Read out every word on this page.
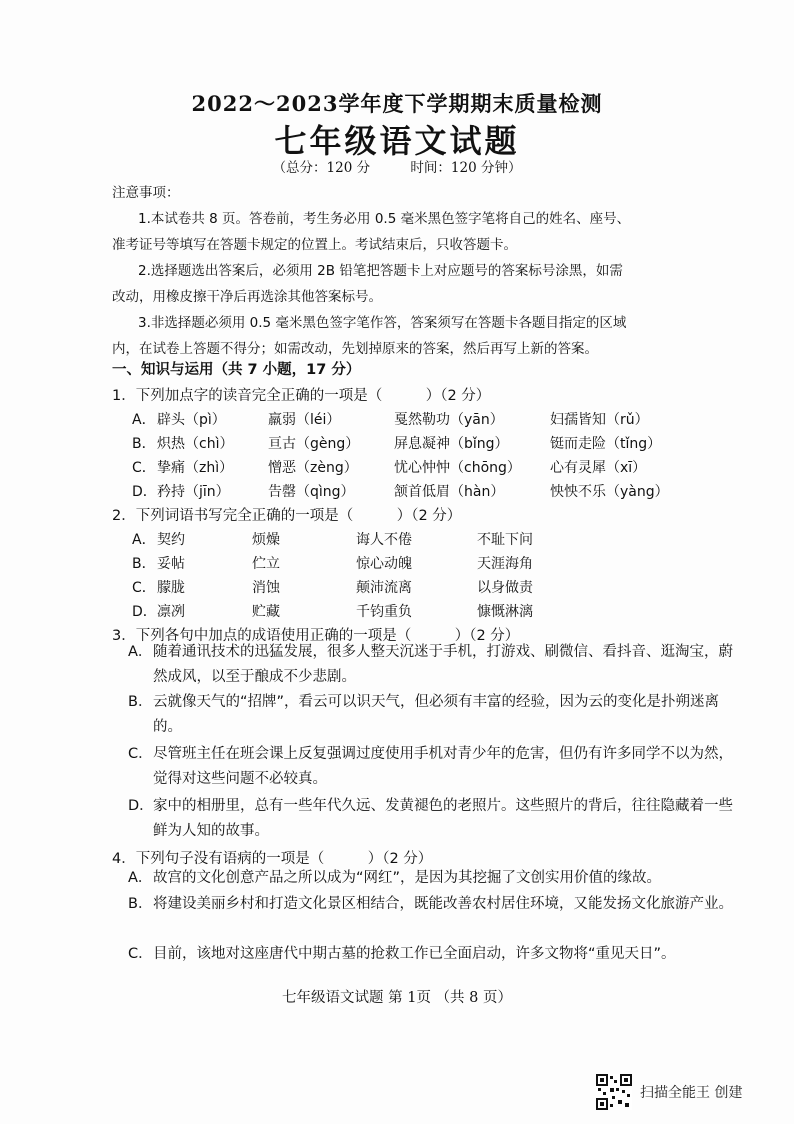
2022～2023学年度下学期期末质量检测
七年级语文试题
（总分：120 分	时间：120 分钟）
注意事项：
1.本试卷共 8 页。答卷前，考生务必用 0.5 毫米黑色签字笔将自己的姓名、座号、
准考证号等填写在答题卡规定的位置上。考试结束后，只收答题卡。
2.选择题选出答案后，必须用 2B 铅笔把答题卡上对应题号的答案标号涂黑，如需
改动，用橡皮擦干净后再选涂其他答案标号。
3.非选择题必须用 0.5 毫米黑色签字笔作答，答案须写在答题卡各题目指定的区域
内，在试卷上答题不得分；如需改动，先划掉原来的答案，然后再写上新的答案。
一、知识与运用（共 7 小题，17 分）
1．下列加点字的读音完全正确的一项是（　　　）（2 分）
A． 辟头（pì）	羸弱（léi）	戛然勒功（yān）	妇孺皆知（rǔ）
B． 炽热（chì） 亘古（gèng） 屏息凝神（bǐng）	铤而走险（tǐng）
C． 挚痛（zhì） 憎恶（zèng）	忧心忡忡（chōng） 心有灵犀（xī）
D． 矜持（jīn）	告罄（qìng）	颔首低眉（hàn）	怏怏不乐（yàng）
2．下列词语书写完全正确的一项是（　　　）（2 分）
A． 契约	烦燥	诲人不倦	不耻下问
B． 妥帖	伫立	惊心动魄	天涯海角
C． 朦胧	消蚀	颠沛流离	以身做责
D． 凛冽	贮藏	千钧重负	慷慨淋漓
3．下列各句中加点的成语使用正确的一项是（　　　）（2 分）
A． 随着通讯技术的迅猛发展，很多人整天沉迷于手机，打游戏、刷微信、看抖音、逛淘宝，蔚然成风，以至于酿成不少悲剧。
B． 云就像天气的“招牌”，看云可以识天气，但必须有丰富的经验，因为云的变化是扑朔迷离的。
C． 尽管班主任在班会课上反复强调过度使用手机对青少年的危害，但仍有许多同学不以为然，觉得对这些问题不必较真。
D． 家中的相册里，总有一些年代久远、发黄褪色的老照片。这些照片的背后，往往隐藏着一些鲜为人知的故事。
4．下列句子没有语病的一项是（　　　）（2 分）
A． 故宫的文化创意产品之所以成为“网红”，是因为其挖掘了文创实用价值的缘故。
B． 将建设美丽乡村和打造文化景区相结合，既能改善农村居住环境，又能发扬文化旅游产业。
C． 目前，该地对这座唐代中期古墓的抢救工作已全面启动，许多文物将“重见天日”。
七年级语文试题 第 1页 （共 8 页）
扫描全能王 创建
